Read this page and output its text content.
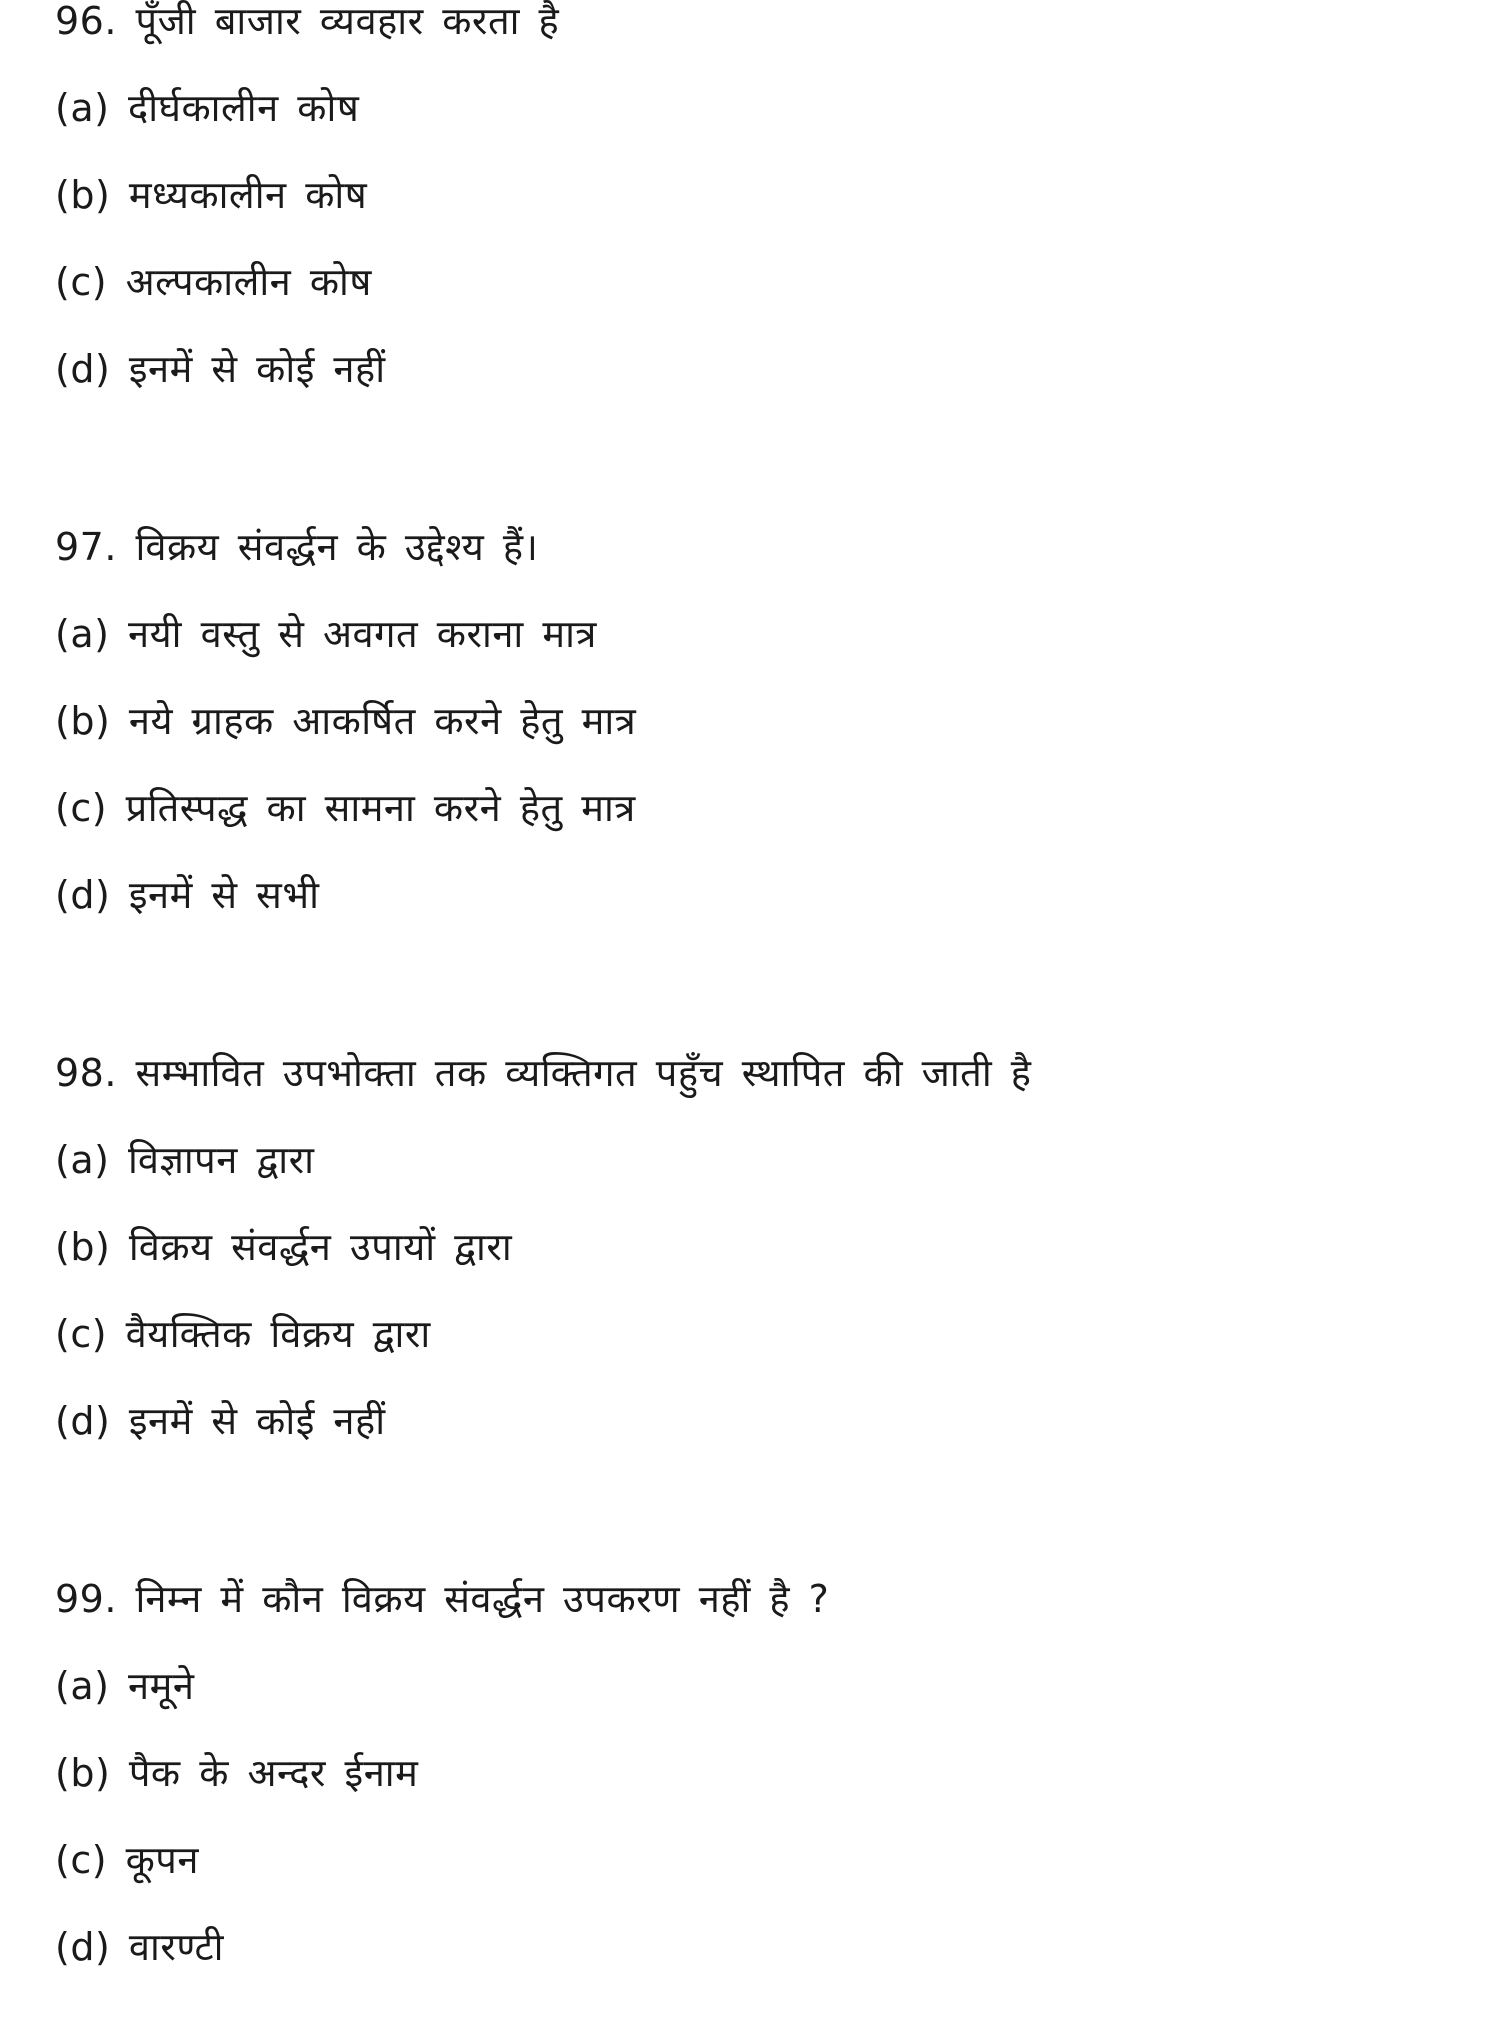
96. पूँजी बाजार व्यवहार करता है
(a) दीर्घकालीन कोष
(b) मध्यकालीन कोष
(c) अल्पकालीन कोष
(d) इनमें से कोई नहीं
97. विक्रय संवर्द्धन के उद्देश्य हैं।
(a) नयी वस्तु से अवगत कराना मात्र
(b) नये ग्राहक आकर्षित करने हेतु मात्र
(c) प्रतिस्पद्ध का सामना करने हेतु मात्र
(d) इनमें से सभी
98. सम्भावित उपभोक्ता तक व्यक्तिगत पहुँच स्थापित की जाती है
(a) विज्ञापन द्वारा
(b) विक्रय संवर्द्धन उपायों द्वारा
(c) वैयक्तिक विक्रय द्वारा
(d) इनमें से कोई नहीं
99. निम्न में कौन विक्रय संवर्द्धन उपकरण नहीं है ?
(a) नमूने
(b) पैक के अन्दर ईनाम
(c) कूपन
(d) वारण्टी
